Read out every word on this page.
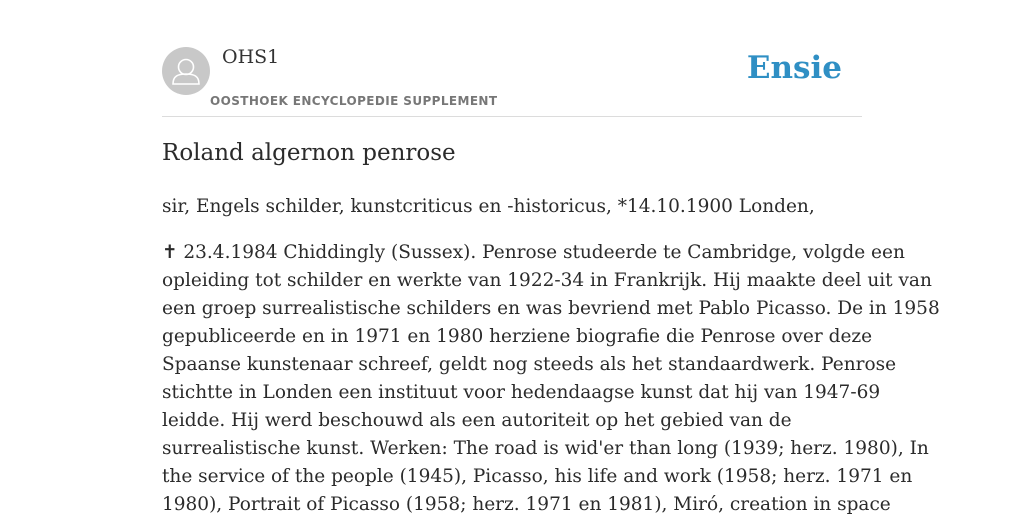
OHS1
OOSTHOEK ENCYCLOPEDIE SUPPLEMENT
Ensie
Roland algernon penrose

sir, Engels schilder, kunstcriticus en -historicus, *14.10.1900 Londen,

✝ 23.4.1984 Chiddingly (Sussex). Penrose studeerde te Cambridge, volgde een
opleiding tot schilder en werkte van 1922-34 in Frankrijk. Hij maakte deel uit van
een groep surrealistische schilders en was bevriend met Pablo Picasso. De in 1958
gepubliceerde en in 1971 en 1980 herziene biografie die Penrose over deze
Spaanse kunstenaar schreef, geldt nog steeds als het standaardwerk. Penrose
stichtte in Londen een instituut voor hedendaagse kunst dat hij van 1947-69
leidde. Hij werd beschouwd als een autoriteit op het gebied van de
surrealistische kunst. Werken: The road is wid'er than long (1939; herz. 1980), In
the service of the people (1945), Picasso, his life and work (1958; herz. 1971 en
1980), Portrait of Picasso (1958; herz. 1971 en 1981), Miró, creation in space
